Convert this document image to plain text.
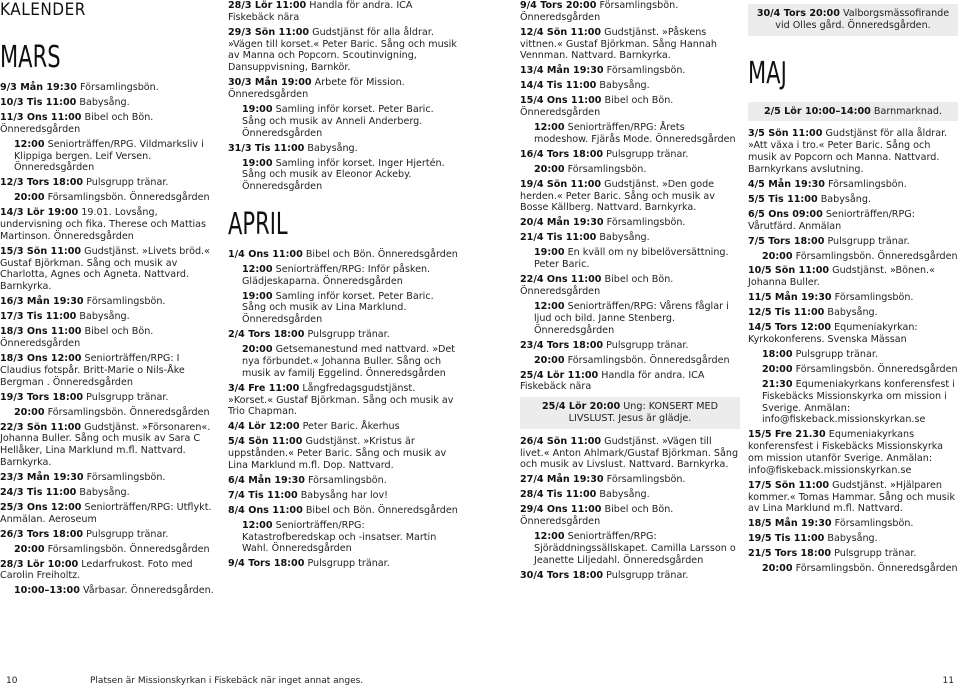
KALENDER
MARS

9/3 Mån 19:30 Församlingsbön.

10/3 Tis 11:00 Babysång.

11/3 Ons 11:00 Bibel och Bön. Önneredsgården

12:00 Seniorträffen/RPG. Vildmarksliv i Klippiga bergen. Leif Versen. Önneredsgården

12/3 Tors 18:00 Pulsgrupp tränar.

20:00 Församlingsbön. Önneredsgården

14/3 Lör 19:00 19.01. Lovsång, undervisning och fika. Therese och Mattias Martinson. Önneredsgården

15/3 Sön 11:00 Gudstjänst. »Livets bröd.« Gustaf Björkman. Sång och musik av Charlotta, Agnes och Agneta. Nattvard. Barnkyrka.

16/3 Mån 19:30 Församlingsbön.

17/3 Tis 11:00 Babysång.

18/3 Ons 11:00 Bibel och Bön. Önneredsgården

18/3 Ons 12:00 Seniorträffen/RPG: I Claudius fotspår. Britt-Marie o Nils-Åke Bergman . Önneredsgården

19/3 Tors 18:00 Pulsgrupp tränar.

20:00 Församlingsbön. Önneredsgården

22/3 Sön 11:00 Gudstjänst. »Försonaren«. Johanna Buller. Sång och musik av Sara C Hellåker, Lina Marklund m.fl. Nattvard. Barnkyrka.

23/3 Mån 19:30 Församlingsbön.

24/3 Tis 11:00 Babysång.

25/3 Ons 12:00 Seniorträffen/RPG: Utflykt. Anmälan. Aeroseum

26/3 Tors 18:00 Pulsgrupp tränar.

20:00 Församlingsbön. Önneredsgården

28/3 Lör 10:00 Ledarfrukost. Foto med Carolin Freiholtz.

10:00–13:00 Vårbasar. Önneredsgården.

28/3 Lör 11:00 Handla för andra. ICA Fiskebäck nära

29/3 Sön 11:00 Gudstjänst för alla åldrar. »Vägen till korset.« Peter Baric. Sång och musik av Manna och Popcorn. Scoutinvigning, Dansuppvisning, Barnkör.

30/3 Mån 19:00 Arbete för Mission. Önneredsgården

19:00 Samling inför korset. Peter Baric. Sång och musik av Anneli Anderberg. Önneredsgården

31/3 Tis 11:00 Babysång.

19:00 Samling inför korset. Inger Hjertén. Sång och musik av Eleonor Ackeby. Önneredsgården

APRIL

1/4 Ons 11:00 Bibel och Bön. Önneredsgården

12:00 Seniorträffen/RPG: Inför påsken. Glädjeskaparna. Önneredsgården

19:00 Samling inför korset. Peter Baric. Sång och musik av Lina Marklund. Önneredsgården

2/4 Tors 18:00 Pulsgrupp tränar.

20:00 Getsemanestund med nattvard. »Det nya förbundet.« Johanna Buller. Sång och musik av familj Eggelind. Önneredsgården

3/4 Fre 11:00 Långfredagsgudstjänst. »Korset.« Gustaf Björkman. Sång och musik av Trio Chapman.

4/4 Lör 12:00 Peter Baric. Åkerhus

5/4 Sön 11:00 Gudstjänst. »Kristus är uppstånden.« Peter Baric. Sång och musik av Lina Marklund m.fl. Dop. Nattvard.

6/4 Mån 19:30 Församlingsbön.

7/4 Tis 11:00 Babysång har lov!

8/4 Ons 11:00 Bibel och Bön. Önneredsgården

12:00 Seniorträffen/RPG: Katastrofberedskap och -insatser. Martin Wahl. Önneredsgården

9/4 Tors 18:00 Pulsgrupp tränar.

9/4 Tors 20:00 Församlingsbön. Önneredsgården

12/4 Sön 11:00 Gudstjänst. »Påskens vittnen.« Gustaf Björkman. Sång Hannah Vennman. Nattvard. Barnkyrka.

13/4 Mån 19:30 Församlingsbön.

14/4 Tis 11:00 Babysång.

15/4 Ons 11:00 Bibel och Bön. Önneredsgården

12:00 Seniorträffen/RPG: Årets modeshow. Fjärås Mode. Önneredsgården

16/4 Tors 18:00 Pulsgrupp tränar.

20:00 Församlingsbön.

19/4 Sön 11:00 Gudstjänst. »Den gode herden.« Peter Baric. Sång och musik av Bosse Källberg. Nattvard. Barnkyrka.

20/4 Mån 19:30 Församlingsbön.

21/4 Tis 11:00 Babysång.

19:00 En kväll om ny bibelöversättning. Peter Baric.

22/4 Ons 11:00 Bibel och Bön. Önneredsgården

12:00 Seniorträffen/RPG: Vårens fåglar i ljud och bild. Janne Stenberg. Önneredsgården

23/4 Tors 18:00 Pulsgrupp tränar.

20:00 Församlingsbön. Önneredsgården

25/4 Lör 11:00 Handla för andra. ICA Fiskebäck nära

25/4 Lör 20:00 Ung: KONSERT MED LIVSLUST. Jesus är glädje.

26/4 Sön 11:00 Gudstjänst. »Vägen till livet.« Anton Ahlmark/Gustaf Björkman. Sång och musik av Livslust. Nattvard. Barnkyrka.

27/4 Mån 19:30 Församlingsbön.

28/4 Tis 11:00 Babysång.

29/4 Ons 11:00 Bibel och Bön. Önneredsgården

12:00 Seniorträffen/RPG: Sjöräddningssällskapet. Camilla Larsson o Jeanette Liljedahl. Önneredsgården

30/4 Tors 18:00 Pulsgrupp tränar.

30/4 Tors 20:00 Valborgsmässofirande vid Olles gård. Önneredsgården.

MAJ

2/5 Lör 10:00–14:00 Barnmarknad.

3/5 Sön 11:00 Gudstjänst för alla åldrar. »Att växa i tro.« Peter Baric. Sång och musik av Popcorn och Manna. Nattvard. Barnkyrkans avslutning.

4/5 Mån 19:30 Församlingsbön.

5/5 Tis 11:00 Babysång.

6/5 Ons 09:00 Seniorträffen/RPG: Vårutfärd. Anmälan

7/5 Tors 18:00 Pulsgrupp tränar.

20:00 Församlingsbön. Önneredsgården

10/5 Sön 11:00 Gudstjänst. »Bönen.« Johanna Buller.

11/5 Mån 19:30 Församlingsbön.

12/5 Tis 11:00 Babysång.

14/5 Tors 12:00 Equmeniakyrkan: Kyrkokonferens. Svenska Mässan

18:00 Pulsgrupp tränar.

20:00 Församlingsbön. Önneredsgården

21:30 Equmeniakyrkans konferensfest i Fiskebäcks Missionskyrka om mission i Sverige. Anmälan: info@fiskeback.missionskyrkan.se

15/5 Fre 21.30 Equmeniakyrkans konferensfest i Fiskebäcks Missionskyrka om mission utanför Sverige. Anmälan: info@fiskeback.missionskyrkan.se

17/5 Sön 11:00 Gudstjänst. »Hjälparen kommer.« Tomas Hammar. Sång och musik av Lina Marklund m.fl. Nattvard.

18/5 Mån 19:30 Församlingsbön.

19/5 Tis 11:00 Babysång.

21/5 Tors 18:00 Pulsgrupp tränar.

20:00 Församlingsbön. Önneredsgården

10	Platsen är Missionskyrkan i Fiskebäck när inget annat anges.	11
